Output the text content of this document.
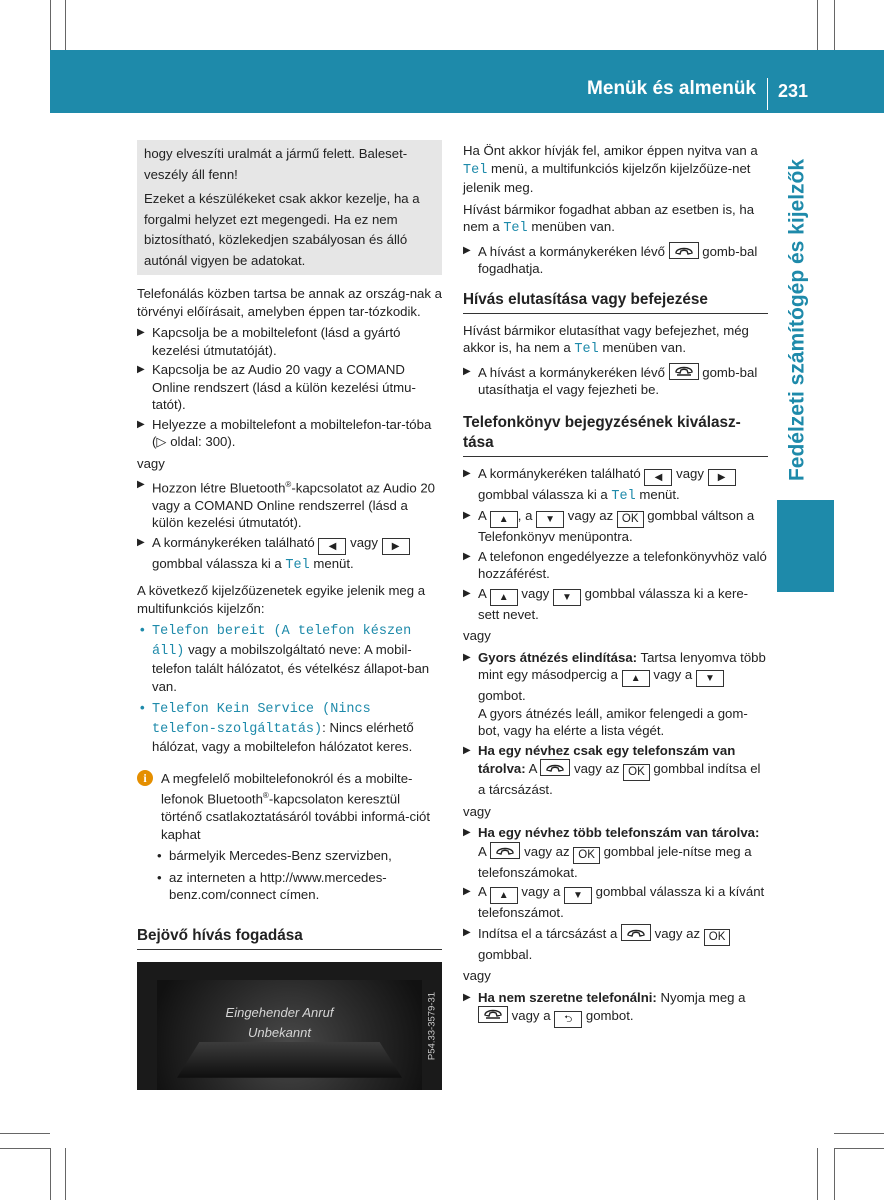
Menük és almenük 231
Fedélzeti számítógép és kijelzők

hogy elveszíti uralmát a jármű felett. Baleset-veszély áll fenn!

Ezeket a készülékeket csak akkor kezelje, ha a forgalmi helyzet ezt megengedi. Ha ez nem biztosítható, közlekedjen szabályosan és álló autónál vigyen be adatokat.

Telefonálás közben tartsa be annak az ország-nak a törvényi előírásait, amelyben éppen tar-tózkodik.

▶ Kapcsolja be a mobiltelefont (lásd a gyártó kezelési útmutatóját).
▶ Kapcsolja be az Audio 20 vagy a COMAND Online rendszert (lásd a külön kezelési útmu-tatót).
▶ Helyezze a mobiltelefont a mobiltelefon-tar-tóba (▷ oldal: 300).

vagy

▶ Hozzon létre Bluetooth®-kapcsolatot az Audio 20 vagy a COMAND Online rendszerrel (lásd a külön kezelési útmutatót).
▶ A kormánykeréken található ◀ vagy ▶ gombbal válassza ki a Tel menüt.

A következő kijelzőüzenetek egyike jelenik meg a multifunkciós kijelzőn:

• Telefon bereit (A telefon készen áll) vagy a mobilszolgáltató neve: A mobil-telefon talált hálózatot, és vételkész állapot-ban van.
• Telefon Kein Service (Nincs telefon-szolgáltatás): Nincs elérhető hálózat, vagy a mobiltelefon hálózatot keres.
i	A megfelelő mobiltelefonokról és a mobilte-lefonok Bluetooth®-kapcsolaton keresztül történő csatlakoztatásáról további informá-ciót kaphat
• bármelyik Mercedes-Benz szervizben,
• az interneten a http://www.mercedes-benz.com/connect címen.
Bejövő hívás fogadása
Eingehender Anruf
Unbekannt	P54.33-3579-31

Ha Önt akkor hívják fel, amikor éppen nyitva van a Tel menü, a multifunkciós kijelzőn kijelzőüze-net jelenik meg.

Hívást bármikor fogadhat abban az esetben is, ha nem a Tel menüben van.

▶ A hívást a kormánykeréken lévő	gomb-bal fogadhatja.
Hívás elutasítása vagy befejezése

Hívást bármikor elutasíthat vagy befejezhet, még akkor is, ha nem a Tel menüben van.

▶ A hívást a kormánykeréken lévő	gomb-bal utasíthatja el vagy fejezheti be.
Telefonkönyv bejegyzésének kiválasz-tása
▶ A kormánykeréken található ◀ vagy ▶ gombbal válassza ki a Tel menüt.
▶ A ▲ , a ▼ vagy az OK gombbal váltson a Telefonkönyv menüpontra.
▶ A telefonon engedélyezze a telefonkönyvhöz való hozzáférést.
▶ A ▲ vagy ▼ gombbal válassza ki a kere-sett nevet.

vagy

▶ Gyors átnézés elindítása: Tartsa lenyomva több mint egy másodpercig a ▲ vagy a ▼ gombot.
A gyors átnézés leáll, amikor felengedi a gom-bot, vagy ha elérte a lista végét.
▶ Ha egy névhez csak egy telefonszám van tárolva: A	vagy az OK gombbal indítsa el a tárcsázást.

vagy

▶ Ha egy névhez több telefonszám van tárolva: A	vagy az OK gombbal jele-nítse meg a telefonszámokat.
▶ A ▲ vagy a ▼ gombbal válassza ki a kívánt telefonszámot.
▶ Indítsa el a tárcsázást a	vagy az OK gombbal.

vagy

▶ Ha nem szeretne telefonálni: Nyomja meg a
vagy a ⮌ gombot.
